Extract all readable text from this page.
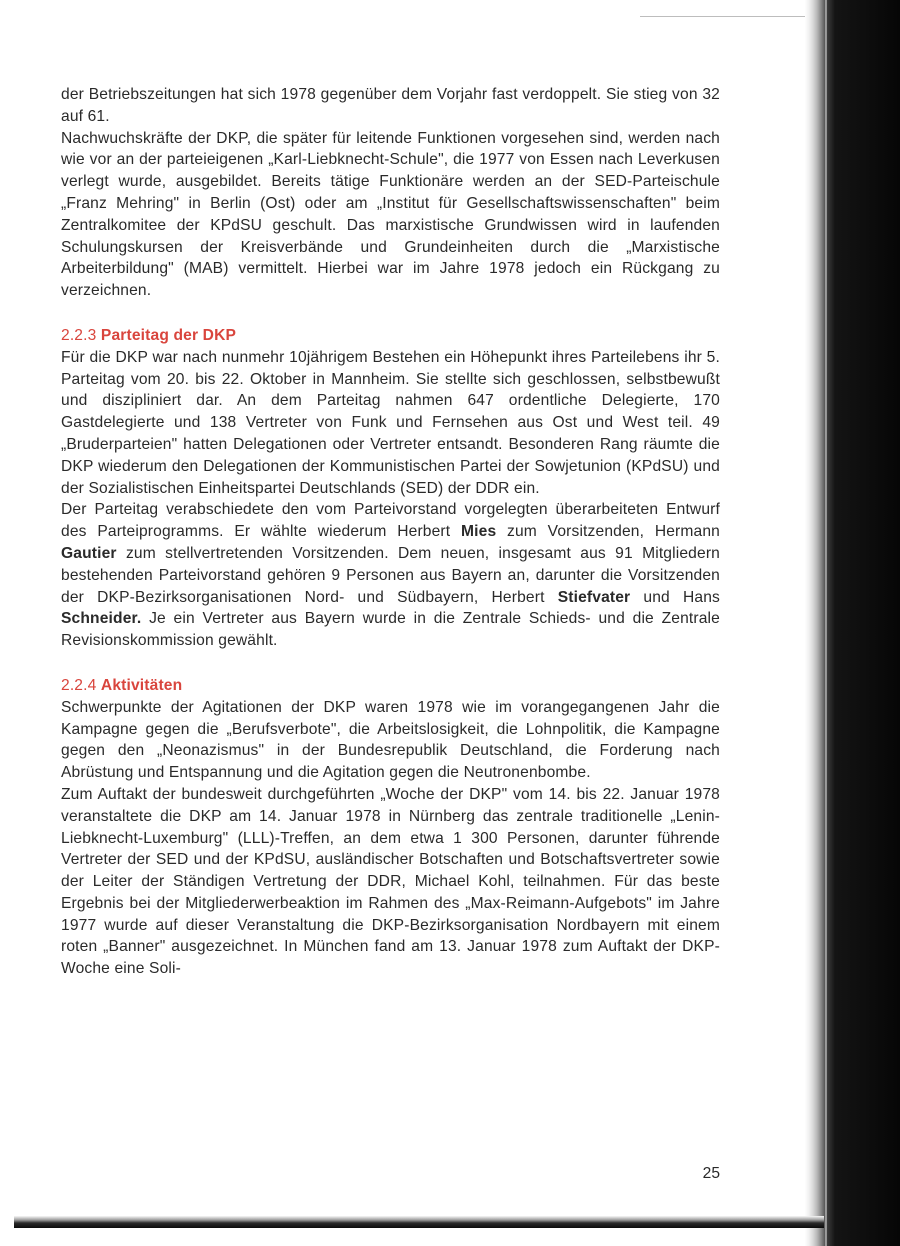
der Betriebszeitungen hat sich 1978 gegenüber dem Vorjahr fast verdoppelt. Sie stieg von 32 auf 61.

Nachwuchskräfte der DKP, die später für leitende Funktionen vorgesehen sind, werden nach wie vor an der parteieigenen „Karl-Liebknecht-Schule", die 1977 von Essen nach Leverkusen verlegt wurde, ausgebildet. Bereits tätige Funktionäre werden an der SED-Parteischule „Franz Mehring" in Berlin (Ost) oder am „Institut für Gesellschaftswissenschaften" beim Zentralkomitee der KPdSU geschult. Das marxistische Grundwissen wird in laufenden Schulungskursen der Kreisverbände und Grundeinheiten durch die „Marxistische Arbeiterbildung" (MAB) vermittelt. Hierbei war im Jahre 1978 jedoch ein Rückgang zu verzeichnen.

2.2.3 Parteitag der DKP

Für die DKP war nach nunmehr 10jährigem Bestehen ein Höhepunkt ihres Parteilebens ihr 5. Parteitag vom 20. bis 22. Oktober in Mannheim. Sie stellte sich geschlossen, selbstbewußt und diszipliniert dar. An dem Parteitag nahmen 647 ordentliche Delegierte, 170 Gastdelegierte und 138 Vertreter von Funk und Fernsehen aus Ost und West teil. 49 „Bruderparteien" hatten Delegationen oder Vertreter entsandt. Besonderen Rang räumte die DKP wiederum den Delegationen der Kommunistischen Partei der Sowjetunion (KPdSU) und der Sozialistischen Einheitspartei Deutschlands (SED) der DDR ein.

Der Parteitag verabschiedete den vom Parteivorstand vorgelegten überarbeiteten Entwurf des Parteiprogramms. Er wählte wiederum Herbert Mies zum Vorsitzenden, Hermann Gautier zum stellvertretenden Vorsitzenden. Dem neuen, insgesamt aus 91 Mitgliedern bestehenden Parteivorstand gehören 9 Personen aus Bayern an, darunter die Vorsitzenden der DKP-Bezirksorganisationen Nord- und Südbayern, Herbert Stiefvater und Hans Schneider. Je ein Vertreter aus Bayern wurde in die Zentrale Schieds- und die Zentrale Revisionskommission gewählt.

2.2.4 Aktivitäten

Schwerpunkte der Agitationen der DKP waren 1978 wie im vorangegangenen Jahr die Kampagne gegen die „Berufsverbote", die Arbeitslosigkeit, die Lohnpolitik, die Kampagne gegen den „Neonazismus" in der Bundesrepublik Deutschland, die Forderung nach Abrüstung und Entspannung und die Agitation gegen die Neutronenbombe.

Zum Auftakt der bundesweit durchgeführten „Woche der DKP" vom 14. bis 22. Januar 1978 veranstaltete die DKP am 14. Januar 1978 in Nürnberg das zentrale traditionelle „Lenin-Liebknecht-Luxemburg" (LLL)-Treffen, an dem etwa 1 300 Personen, darunter führende Vertreter der SED und der KPdSU, ausländischer Botschaften und Botschaftsvertreter sowie der Leiter der Ständigen Vertretung der DDR, Michael Kohl, teilnahmen. Für das beste Ergebnis bei der Mitgliederwerbeaktion im Rahmen des „Max-Reimann-Aufgebots" im Jahre 1977 wurde auf dieser Veranstaltung die DKP-Bezirksorganisation Nordbayern mit einem roten „Banner" ausgezeichnet. In München fand am 13. Januar 1978 zum Auftakt der DKP-Woche eine Soli-

25
